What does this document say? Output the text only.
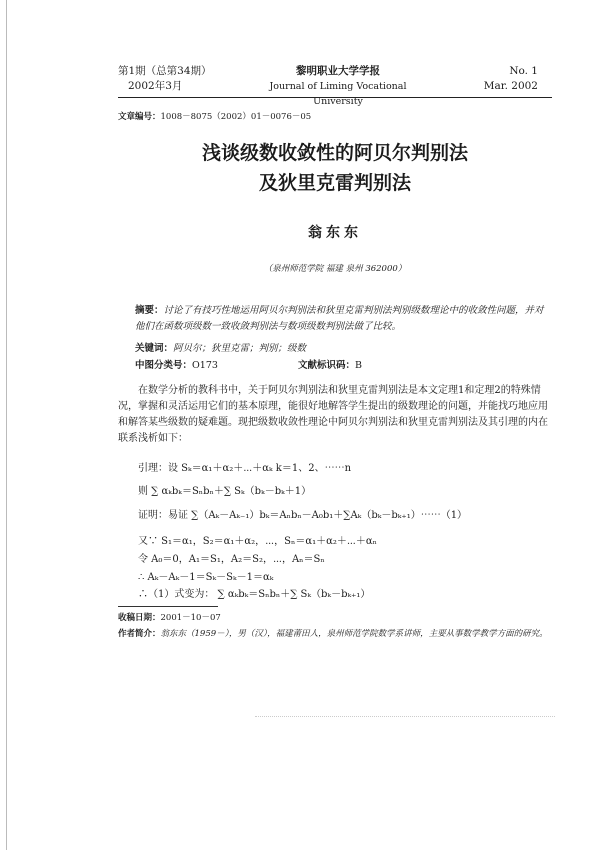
第1期（总第34期）
2002年3月
黎明职业大学学报
Journal of Liming Vocational University
No. 1
Mar. 2002
文章编号：1008－8075（2002）01－0076－05
浅谈级数收敛性的阿贝尔判别法
及狄里克雷判别法
翁东东
（泉州师范学院 福建 泉州 362000）
摘要：讨论了有技巧性地运用阿贝尔判别法和狄里克雷判别法判别级数理论中的收敛性问题，并对他们在函数项级数一致收敛判别法与数项级数判别法做了比较。
关键词：阿贝尔；狄里克雷；判别；级数
中图分类号：O173	文献标识码：B
在数学分析的教科书中，关于阿贝尔判别法和狄里克雷判别法是本文定理1和定理2的特殊情况，掌握和灵活运用它们的基本原理，能很好地解答学生提出的级数理论的问题，并能找巧地应用和解答某些级数的疑难题。现把级数收敛性理论中阿贝尔判别法和狄里克雷判别法及其引理的内在联系浅析如下：
引理：设 Sₖ＝α₁＋α₂＋⋯＋αₖ k＝1、2、⋯⋯n
则 ∑ αₖbₖ＝Sₙbₙ＋∑ Sₖ（bₖ－bₖ＋1）
证明：易证 ∑（Aₖ－Aₖ₋₁）bₖ＝Aₙbₙ－A₀b₁＋∑Aₖ（bₖ－bₖ₊₁）⋯⋯（1）
又∵ S₁＝α₁，S₂＝α₁＋α₂，⋯，Sₙ＝α₁＋α₂＋⋯＋αₙ
令 A₀＝0，A₁＝S₁，A₂＝S₂，⋯，Aₙ＝Sₙ
∴ Aₖ－Aₖ－1＝Sₖ－Sₖ－1＝αₖ
∴（1）式变为： ∑ αₖbₖ＝Sₙbₙ＋∑ Sₖ（bₖ－bₖ₊₁）
收稿日期：2001－10－07
作者简介：翁东东（1959－），男（汉），福建莆田人，泉州师范学院数学系讲师，主要从事数学教学方面的研究。
